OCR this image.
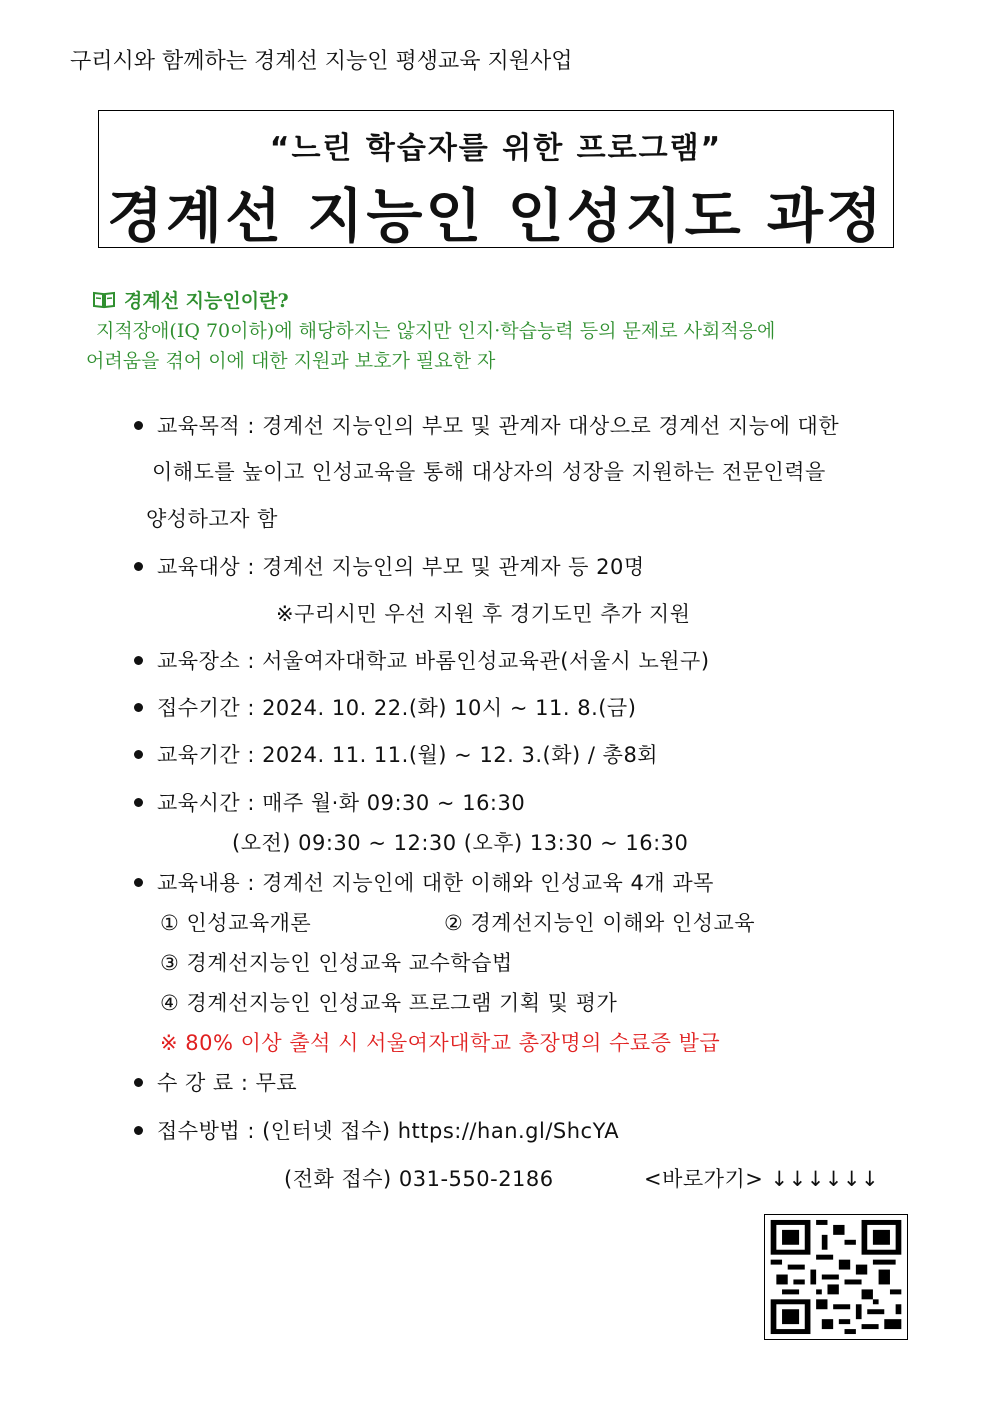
구리시와 함께하는 경계선 지능인 평생교육 지원사업
“느린 학습자를 위한 프로그램”
경계선 지능인 인성지도 과정
경계선 지능인이란?
지적장애(IQ 70이하)에 해당하지는 않지만 인지·학습능력 등의 문제로 사회적응에
어려움을 겪어 이에 대한 지원과 보호가 필요한 자
교육목적 : 경계선 지능인의 부모 및 관계자 대상으로 경계선 지능에 대한
이해도를 높이고 인성교육을 통해 대상자의 성장을 지원하는 전문인력을
양성하고자 함
교육대상 : 경계선 지능인의 부모 및 관계자 등 20명
※구리시민 우선 지원 후 경기도민 추가 지원
교육장소 : 서울여자대학교 바롬인성교육관(서울시 노원구)
접수기간 : 2024. 10. 22.(화) 10시 ~ 11. 8.(금)
교육기간 : 2024. 11. 11.(월) ~ 12. 3.(화) / 총8회
교육시간 : 매주 월·화 09:30 ~ 16:30
(오전) 09:30 ~ 12:30 (오후) 13:30 ~ 16:30
교육내용 : 경계선 지능인에 대한 이해와 인성교육 4개 과목
① 인성교육개론	② 경계선지능인 이해와 인성교육
③ 경계선지능인 인성교육 교수학습법
④ 경계선지능인 인성교육 프로그램 기획 및 평가
※ 80% 이상 출석 시 서울여자대학교 총장명의 수료증 발급
수 강 료 : 무료
접수방법 : (인터넷 접수) https://han.gl/ShcYA
(전화 접수) 031-550-2186	<바로가기> ↓↓↓↓↓↓
